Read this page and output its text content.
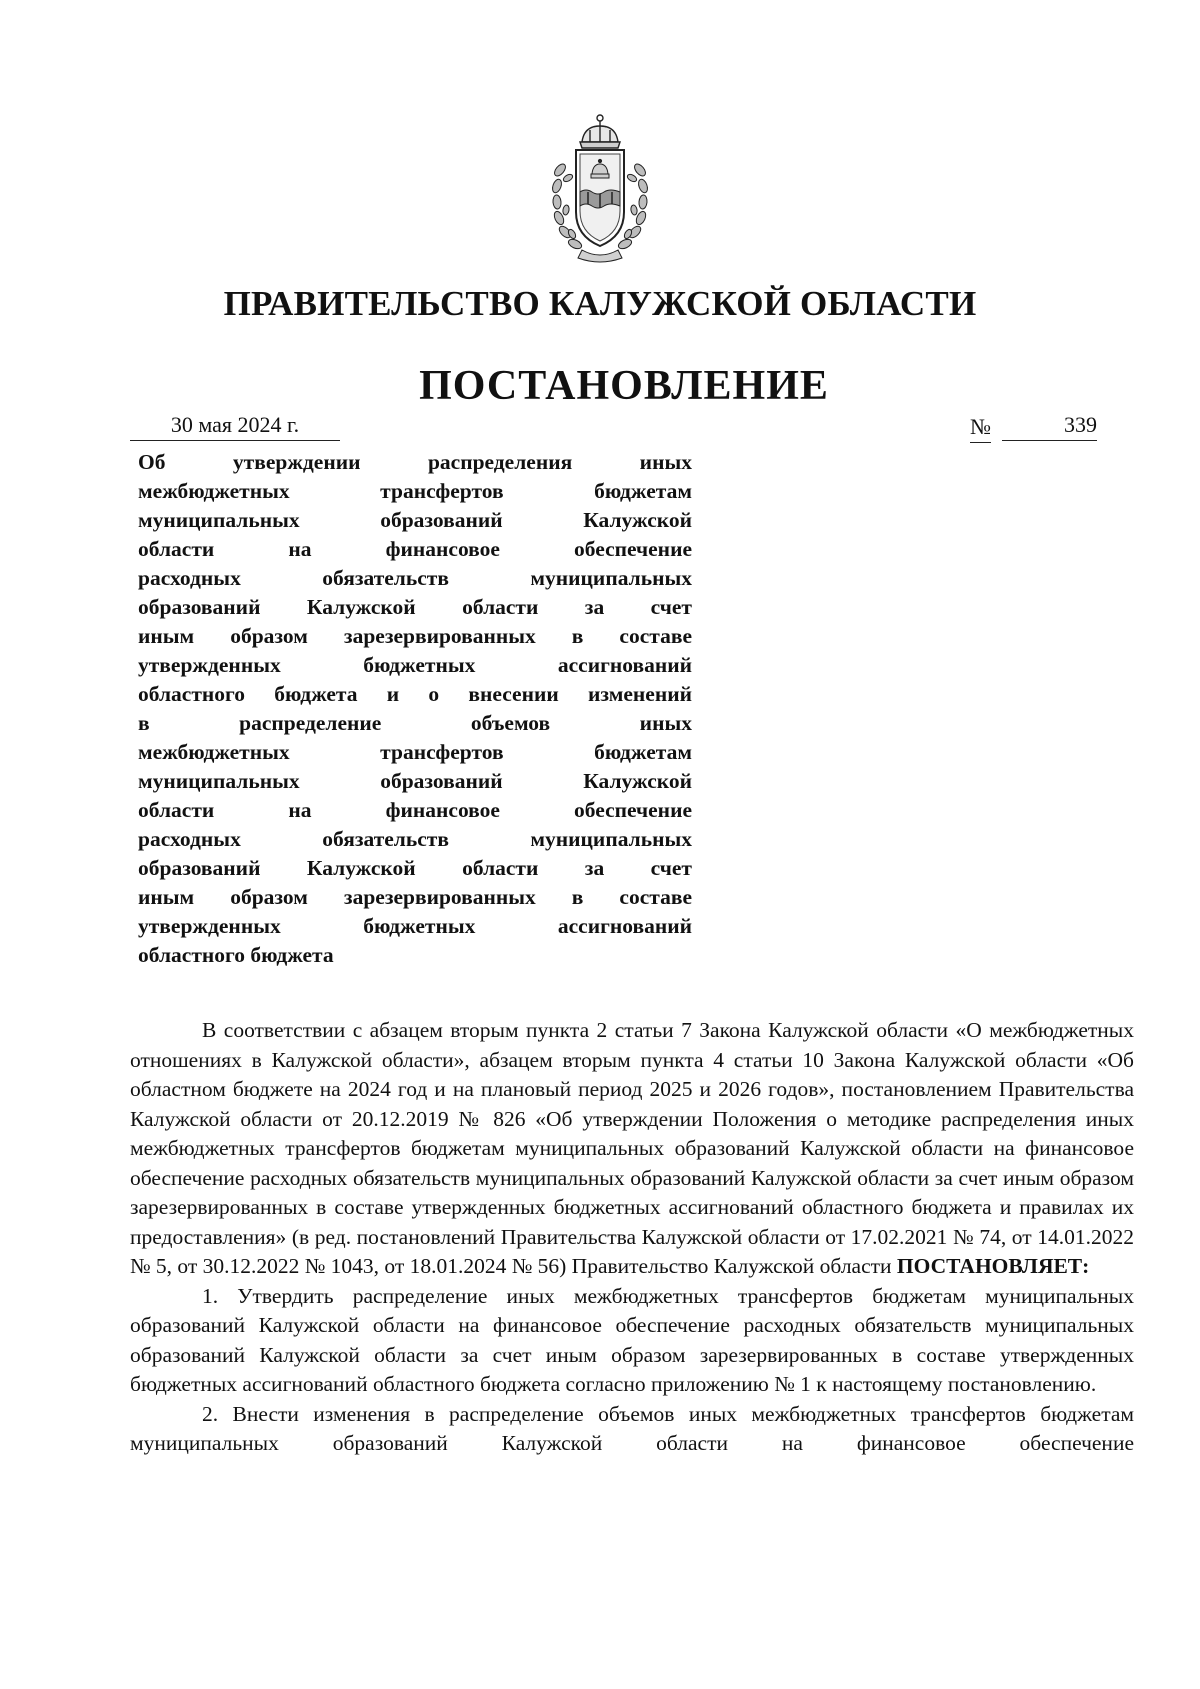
ПРАВИТЕЛЬСТВО КАЛУЖСКОЙ ОБЛАСТИ
ПОСТАНОВЛЕНИЕ
30 мая 2024 г.	№	339
Об утверждении распределения иных
межбюджетных трансфертов бюджетам
муниципальных образований Калужской
области на финансовое обеспечение
расходных обязательств муниципальных
образований Калужской области за счет
иным образом зарезервированных в составе
утвержденных бюджетных ассигнований
областного бюджета и о внесении изменений
в распределение объемов иных
межбюджетных трансфертов бюджетам
муниципальных образований Калужской
области на финансовое обеспечение
расходных обязательств муниципальных
образований Калужской области за счет
иным образом зарезервированных в составе
утвержденных бюджетных ассигнований
областного бюджета

В соответствии с абзацем вторым пункта 2 статьи 7 Закона Калужской области «О межбюджетных отношениях в Калужской области», абзацем вторым пункта 4 статьи 10 Закона Калужской области «Об областном бюджете на 2024 год и на плановый период 2025 и 2026 годов», постановлением Правительства Калужской области от 20.12.2019 № 826 «Об утверждении Положения о методике распределения иных межбюджетных трансфертов бюджетам муниципальных образований Калужской области на финансовое обеспечение расходных обязательств муниципальных образований Калужской области за счет иным образом зарезервированных в составе утвержденных бюджетных ассигнований областного бюджета и правилах их предоставления» (в ред. постановлений Правительства Калужской области от 17.02.2021 № 74, от 14.01.2022 № 5, от 30.12.2022 № 1043, от 18.01.2024 № 56) Правительство Калужской области ПОСТАНОВЛЯЕТ:

1. Утвердить распределение иных межбюджетных трансфертов бюджетам муниципальных образований Калужской области на финансовое обеспечение расходных обязательств муниципальных образований Калужской области за счет иным образом зарезервированных в составе утвержденных бюджетных ассигнований областного бюджета согласно приложению № 1 к настоящему постановлению.

2. Внести изменения в распределение объемов иных межбюджетных трансфертов бюджетам муниципальных образований Калужской области на финансовое обеспечение
